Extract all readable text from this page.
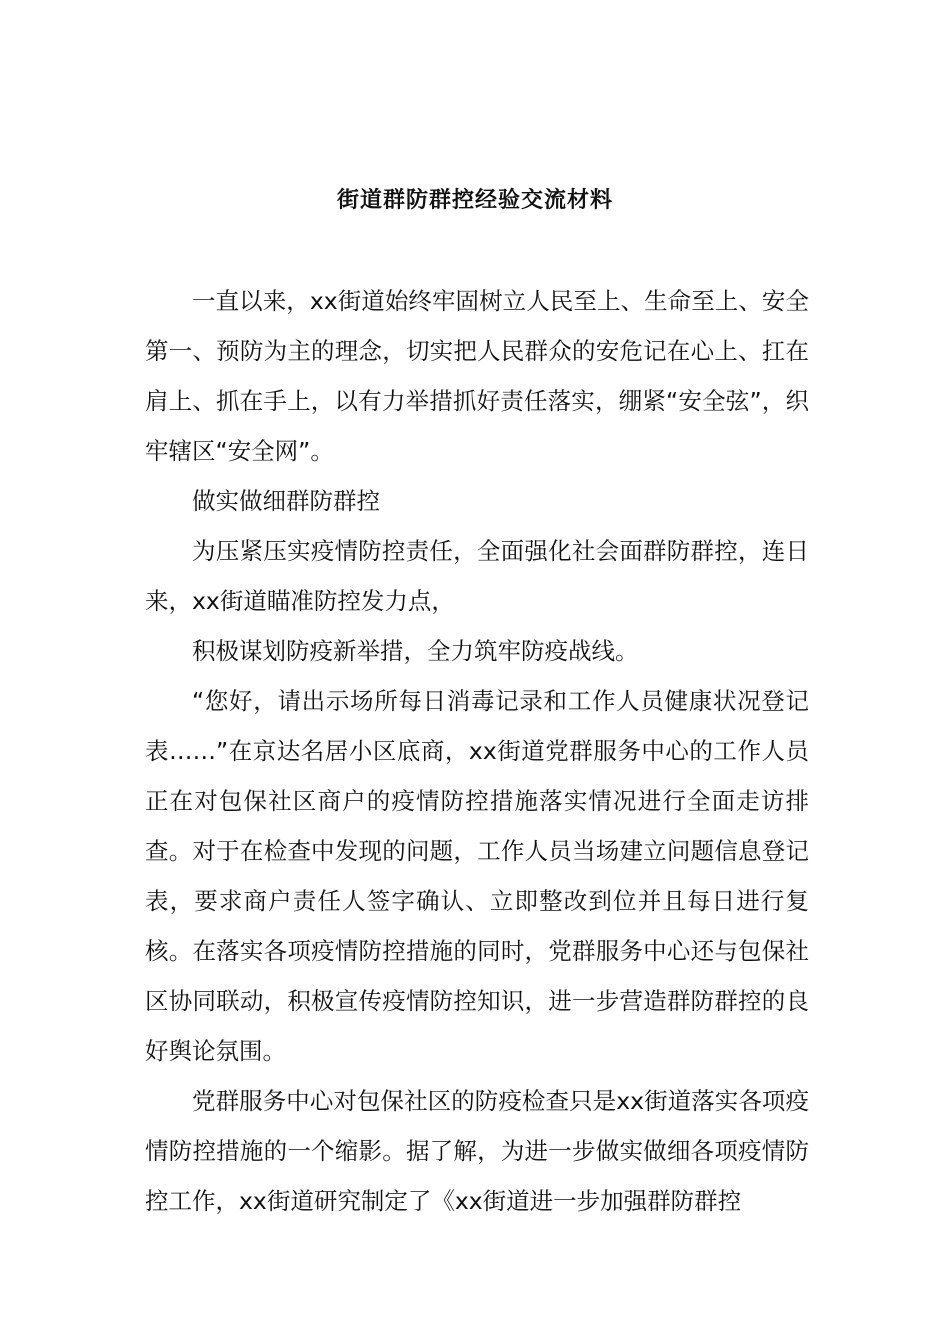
街道群防群控经验交流材料

一直以来，xx街道始终牢固树立人民至上、生命至上、安全第一、预防为主的理念，切实把人民群众的安危记在心上、扛在肩上、抓在手上，以有力举措抓好责任落实，绷紧“安全弦”，织牢辖区“安全网”。

做实做细群防群控

为压紧压实疫情防控责任，全面强化社会面群防群控，连日来，xx街道瞄准防控发力点，

积极谋划防疫新举措，全力筑牢防疫战线。

“您好，请出示场所每日消毒记录和工作人员健康状况登记表……”在京达名居小区底商，xx街道党群服务中心的工作人员正在对包保社区商户的疫情防控措施落实情况进行全面走访排查。对于在检查中发现的问题，工作人员当场建立问题信息登记表，要求商户责任人签字确认、立即整改到位并且每日进行复核。在落实各项疫情防控措施的同时，党群服务中心还与包保社区协同联动，积极宣传疫情防控知识，进一步营造群防群控的良好舆论氛围。

党群服务中心对包保社区的防疫检查只是xx街道落实各项疫情防控措施的一个缩影。据了解，为进一步做实做细各项疫情防控工作，xx街道研究制定了《xx街道进一步加强群防群控
